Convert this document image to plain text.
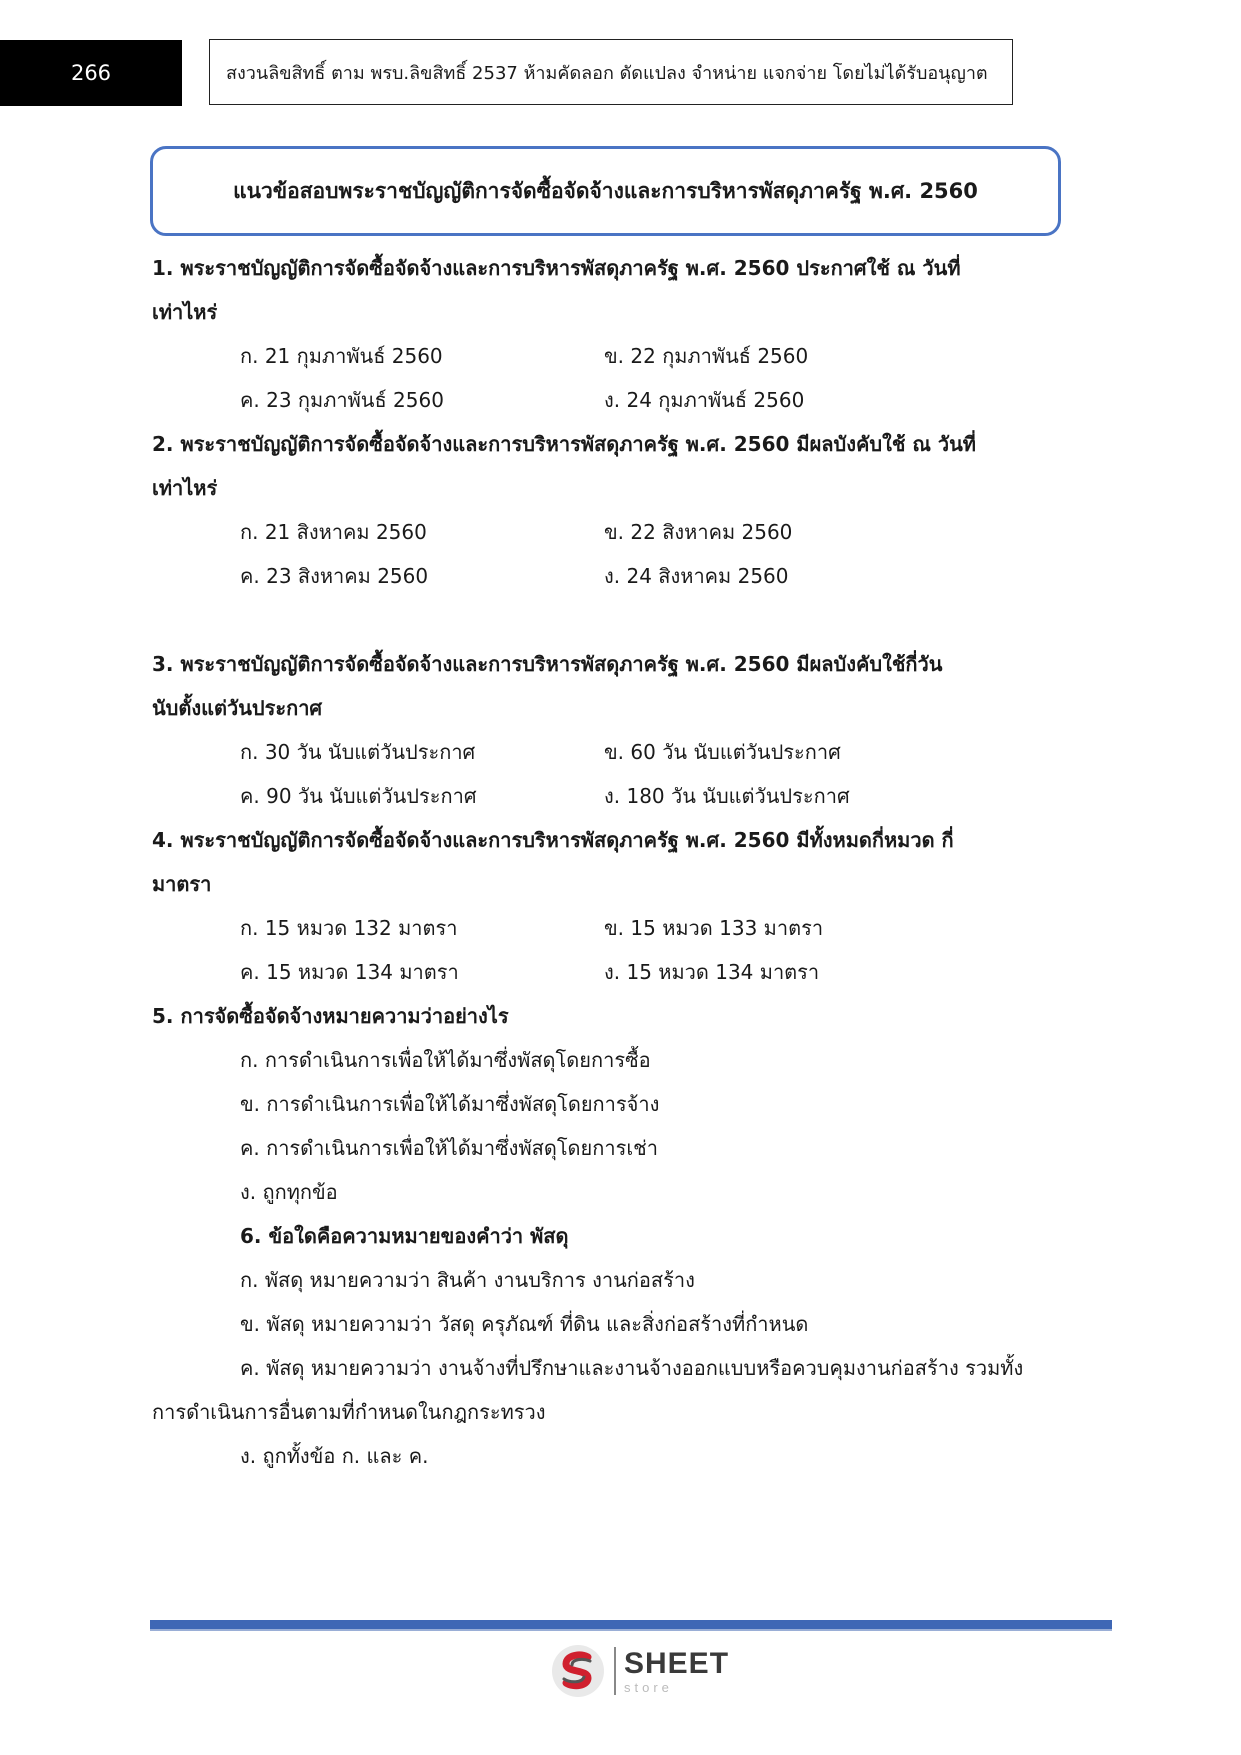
266	สงวนลิขสิทธิ์ ตาม พรบ.ลิขสิทธิ์ 2537 ห้ามคัดลอก ดัดแปลง จำหน่าย แจกจ่าย โดยไม่ได้รับอนุญาต
แนวข้อสอบพระราชบัญญัติการจัดซื้อจัดจ้างและการบริหารพัสดุภาครัฐ พ.ศ. 2560
1. พระราชบัญญัติการจัดซื้อจัดจ้างและการบริหารพัสดุภาครัฐ พ.ศ. 2560 ประกาศใช้ ณ วันที่
เท่าไหร่
ก. 21 กุมภาพันธ์ 2560	ข. 22 กุมภาพันธ์ 2560
ค. 23 กุมภาพันธ์ 2560	ง. 24 กุมภาพันธ์ 2560
2. พระราชบัญญัติการจัดซื้อจัดจ้างและการบริหารพัสดุภาครัฐ พ.ศ. 2560 มีผลบังคับใช้ ณ วันที่
เท่าไหร่
ก. 21 สิงหาคม 2560	ข. 22 สิงหาคม 2560
ค. 23 สิงหาคม 2560	ง. 24 สิงหาคม 2560
3. พระราชบัญญัติการจัดซื้อจัดจ้างและการบริหารพัสดุภาครัฐ พ.ศ. 2560 มีผลบังคับใช้กี่วัน
นับตั้งแต่วันประกาศ
ก. 30 วัน นับแต่วันประกาศ	ข. 60 วัน นับแต่วันประกาศ
ค. 90 วัน นับแต่วันประกาศ	ง. 180 วัน นับแต่วันประกาศ
4. พระราชบัญญัติการจัดซื้อจัดจ้างและการบริหารพัสดุภาครัฐ พ.ศ. 2560 มีทั้งหมดกี่หมวด กี่
มาตรา
ก. 15 หมวด 132 มาตรา	ข. 15 หมวด 133 มาตรา
ค. 15 หมวด 134 มาตรา	ง. 15 หมวด 134 มาตรา
5. การจัดซื้อจัดจ้างหมายความว่าอย่างไร
ก. การดำเนินการเพื่อให้ได้มาซึ่งพัสดุโดยการซื้อ
ข. การดำเนินการเพื่อให้ได้มาซึ่งพัสดุโดยการจ้าง
ค. การดำเนินการเพื่อให้ได้มาซึ่งพัสดุโดยการเช่า
ง. ถูกทุกข้อ
6. ข้อใดคือความหมายของคำว่า พัสดุ
ก. พัสดุ หมายความว่า สินค้า งานบริการ งานก่อสร้าง
ข. พัสดุ หมายความว่า วัสดุ ครุภัณฑ์ ที่ดิน และสิ่งก่อสร้างที่กำหนด
ค. พัสดุ หมายความว่า งานจ้างที่ปรึกษาและงานจ้างออกแบบหรือควบคุมงานก่อสร้าง รวมทั้ง
การดำเนินการอื่นตามที่กำหนดในกฎกระทรวง
ง. ถูกทั้งข้อ ก. และ ค.
SHEET
store
